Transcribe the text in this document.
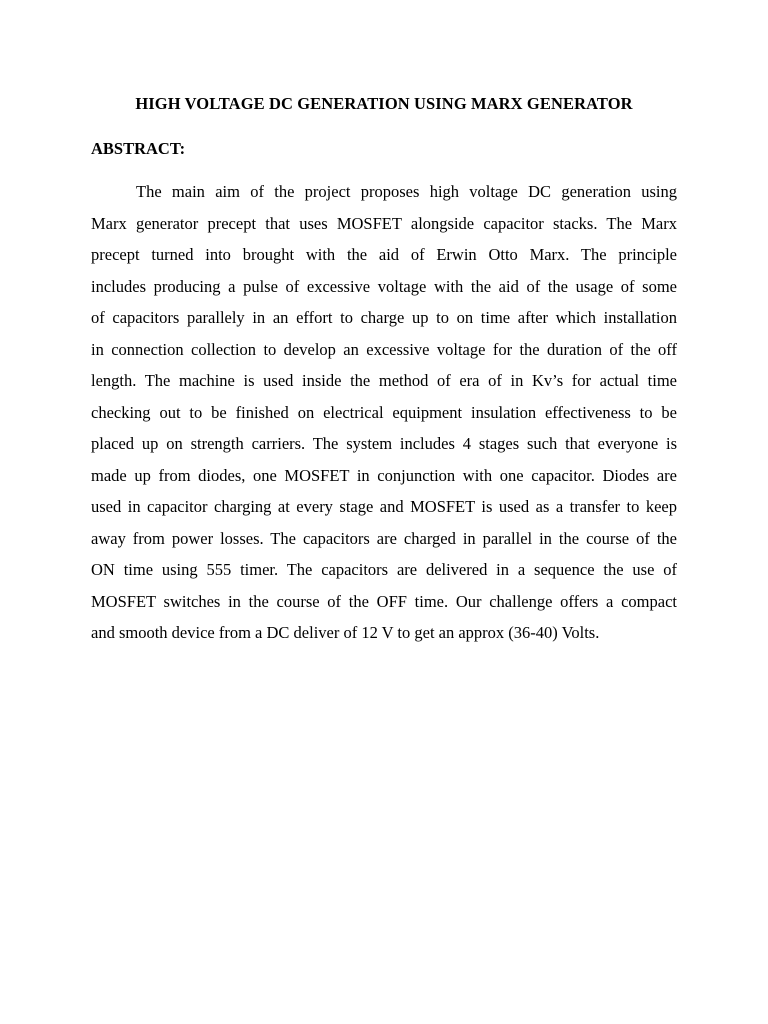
HIGH VOLTAGE DC GENERATION USING MARX GENERATOR
ABSTRACT:
The main aim of the project proposes high voltage DC generation using
Marx generator precept that uses MOSFET alongside capacitor stacks. The Marx
precept turned into brought with the aid of Erwin Otto Marx. The principle
includes producing a pulse of excessive voltage with the aid of the usage of some
of capacitors parallely in an effort to charge up to on time after which installation
in connection collection to develop an excessive voltage for the duration of the off
length. The machine is used inside the method of era of in Kv’s for actual time
checking out to be finished on electrical equipment insulation effectiveness to be
placed up on strength carriers. The system includes 4 stages such that everyone is
made up from diodes, one MOSFET in conjunction with one capacitor. Diodes are
used in capacitor charging at every stage and MOSFET is used as a transfer to keep
away from power losses. The capacitors are charged in parallel in the course of the
ON time using 555 timer. The capacitors are delivered in a sequence the use of
MOSFET switches in the course of the OFF time. Our challenge offers a compact
and smooth device from a DC deliver of 12 V to get an approx (36-40) Volts.
